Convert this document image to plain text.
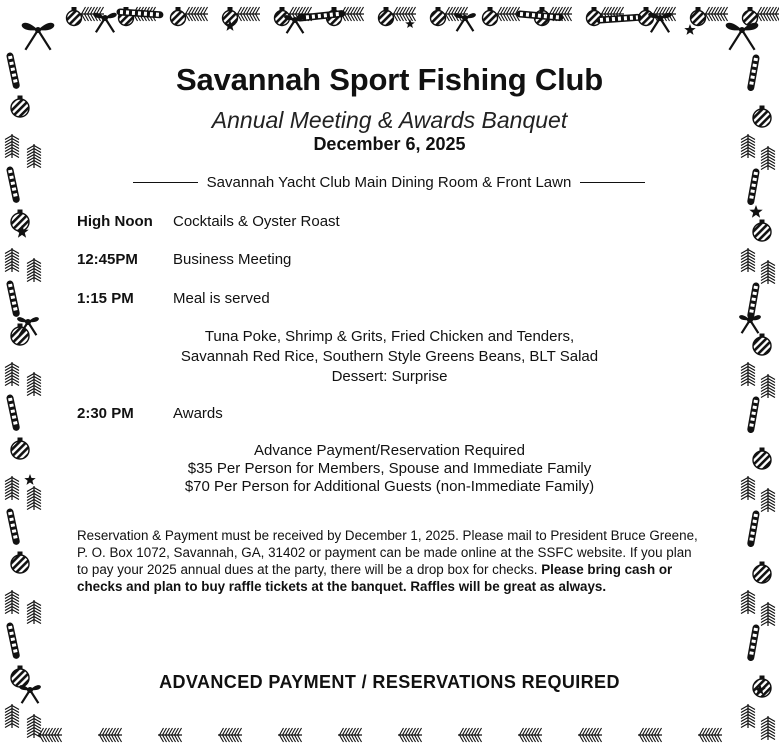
Savannah Sport Fishing Club
Annual Meeting & Awards Banquet
December 6, 2025
Savannah Yacht Club Main Dining Room & Front Lawn
High Noon Cocktails & Oyster Roast
12:45PM Business Meeting
1:15 PM	Meal is served
Tuna Poke, Shrimp & Grits, Fried Chicken and Tenders,
Savannah Red Rice, Southern Style Greens Beans, BLT Salad
Dessert: Surprise
2:30 PM	Awards
Advance Payment/Reservation Required
$35 Per Person for Members, Spouse and Immediate Family
$70 Per Person for Additional Guests (non-Immediate Family)
Reservation & Payment must be received by December 1, 2025. Please mail to President Bruce Greene, P. O. Box 1072, Savannah, GA, 31402 or payment can be made online at the SSFC website. If you plan to pay your 2025 annual dues at the party, there will be a drop box for checks. Please bring cash or checks and plan to buy raffle tickets at the banquet. Raffles will be great as always.
ADVANCED PAYMENT / RESERVATIONS REQUIRED
